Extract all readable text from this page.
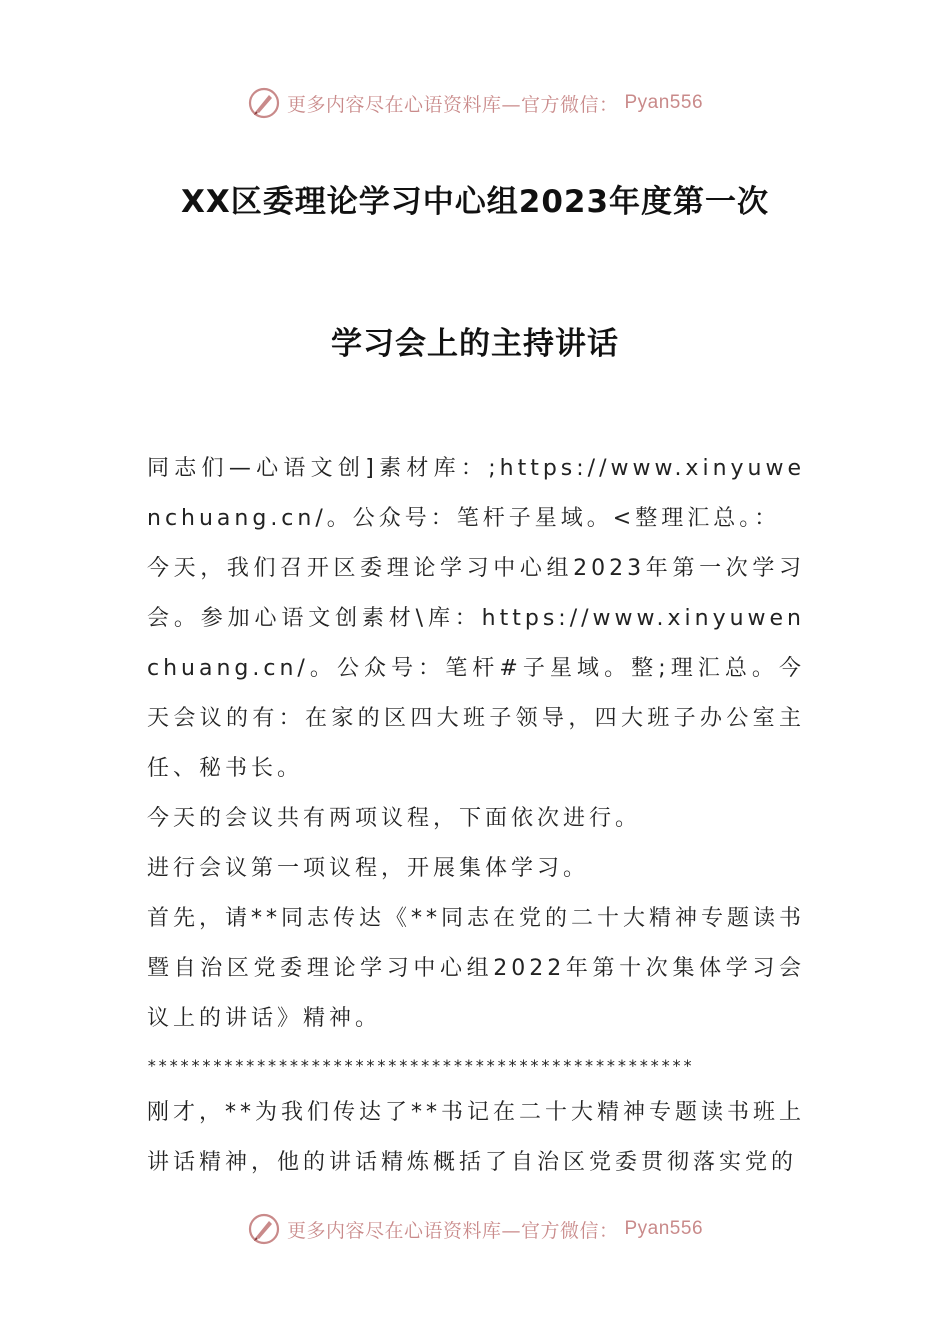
更多内容尽在心语资料库—官方微信： Pyan556
XX区委理论学习中心组2023年度第一次
学习会上的主持讲话

同志们—心语文创]素材库：;https://www.xinyuwenchuang.cn/。公众号：笔杆子星域。<整理汇总。：

今天，我们召开区委理论学习中心组2023年第一次学习会。参加心语文创素材\库：https://www.xinyuwenchuang.cn/。公众号：笔杆#子星域。整;理汇总。今天会议的有：在家的区四大班子领导，四大班子办公室主任、秘书长。

今天的会议共有两项议程，下面依次进行。

进行会议第一项议程，开展集体学习。

首先，请**同志传达《**同志在党的二十大精神专题读书暨自治区党委理论学习中心组2022年第十次集体学习会议上的讲话》精神。

**************************************************

刚才，**为我们传达了**书记在二十大精神专题读书班上讲话精神，他的讲话精炼概括了自治区党委贯彻落实党的

更多内容尽在心语资料库—官方微信： Pyan556
